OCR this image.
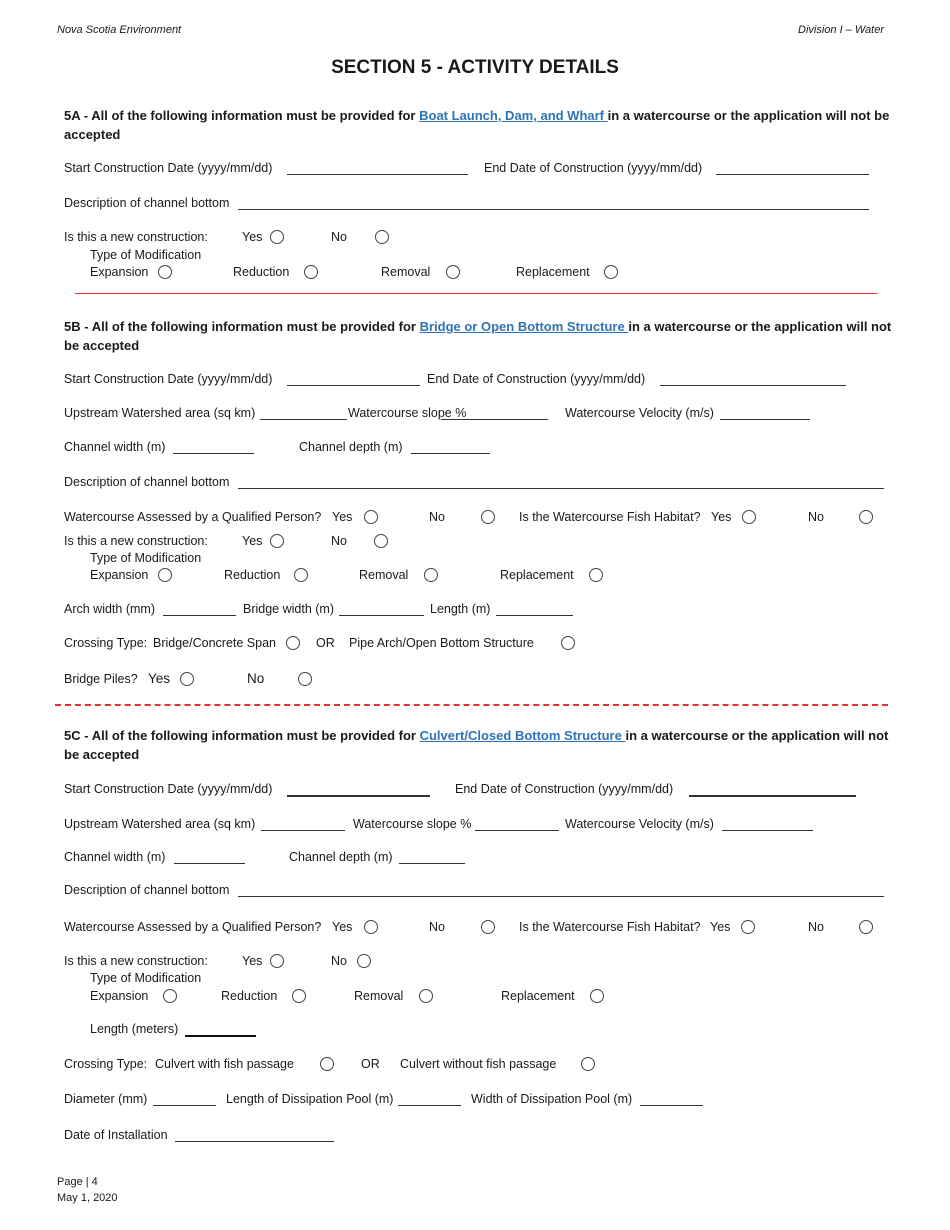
Nova Scotia Environment	Division I – Water
SECTION 5 - ACTIVITY DETAILS
5A - All of the following information must be provided for Boat Launch, Dam, and Wharf in a watercourse or the application will not be accepted
Start Construction Date (yyyy/mm/dd)	End Date of Construction (yyyy/mm/dd)
Description of channel bottom
Is this a new construction:	Yes	No
Type of Modification
Expansion	Reduction	Removal	Replacement
5B - All of the following information must be provided for Bridge or Open Bottom Structure in a watercourse or the application will not be accepted
Start Construction Date (yyyy/mm/dd)	End Date of Construction (yyyy/mm/dd)
Upstream Watershed area (sq km)	Watercourse slope %	Watercourse Velocity (m/s)
Channel width (m)	Channel depth (m)
Description of channel bottom
Watercourse Assessed by a Qualified Person? Yes	No	Is the Watercourse Fish Habitat? Yes	No
Is this a new construction:	Yes	No
Type of Modification
Expansion	Reduction	Removal	Replacement
Arch width (mm)	Bridge width (m)	Length (m)
Crossing Type: Bridge/Concrete Span	OR Pipe Arch/Open Bottom Structure
Bridge Piles? Yes	No
5C - All of the following information must be provided for Culvert/Closed Bottom Structure in a watercourse or the application will not be accepted
Start Construction Date (yyyy/mm/dd)	End Date of Construction (yyyy/mm/dd)
Upstream Watershed area (sq km)	Watercourse slope %	Watercourse Velocity (m/s)
Channel width (m)	Channel depth (m)
Description of channel bottom
Watercourse Assessed by a Qualified Person? Yes	No	Is the Watercourse Fish Habitat? Yes	No
Is this a new construction:	Yes	No
Type of Modification
Expansion	Reduction	Removal	Replacement
Length (meters)
Crossing Type: Culvert with fish passage	OR Culvert without fish passage
Diameter (mm)	Length of Dissipation Pool (m)	Width of Dissipation Pool (m)
Date of Installation
Page | 4
May 1, 2020
